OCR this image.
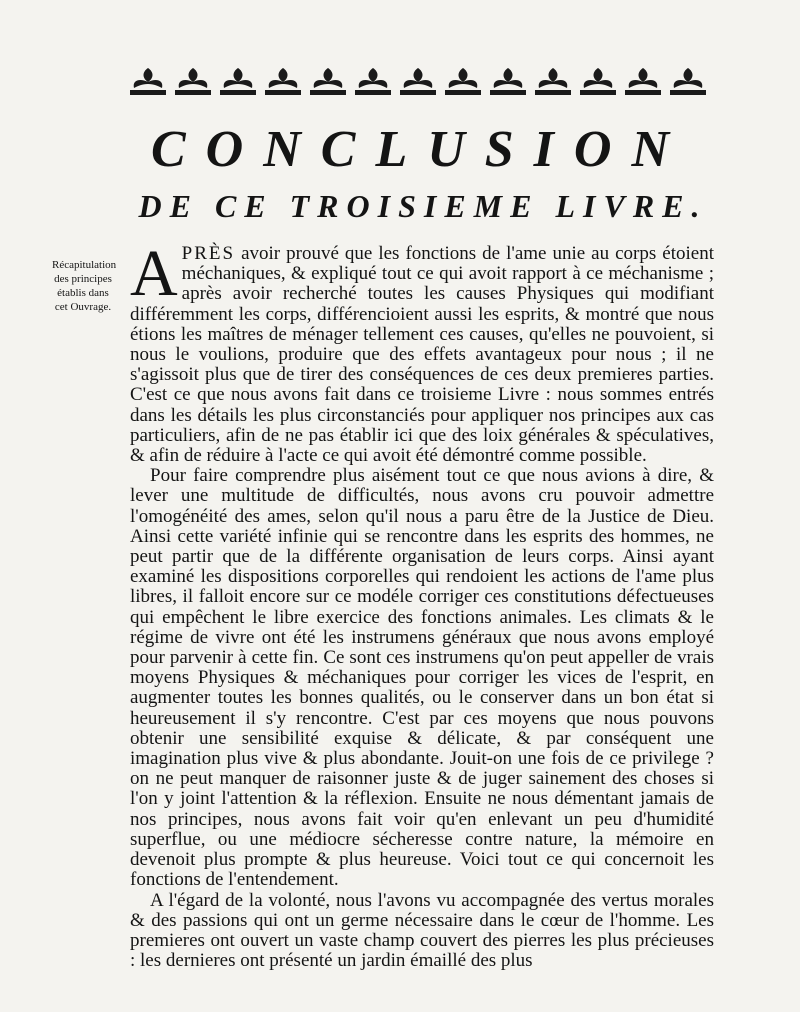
CONCLUSION
DE CE TROISIEME LIVRE.
Récapitulation des principes établis dans cet Ouvrage. APRÈS avoir prouvé que les fonctions de l'ame unie au corps étoient méchaniques, & expliqué tout ce qui avoit rapport à ce méchanisme ; après avoir recherché toutes les causes Physiques qui modifiant différemment les corps, différencioient aussi les esprits, & montré que nous étions les maîtres de ménager tellement ces causes, qu'elles ne pouvoient, si nous le voulions, produire que des effets avantageux pour nous ; il ne s'agissoit plus que de tirer des conséquences de ces deux premieres parties. C'est ce que nous avons fait dans ce troisieme Livre : nous sommes entrés dans les détails les plus circonstanciés pour appliquer nos principes aux cas particuliers, afin de ne pas établir ici que des loix générales & spéculatives, & afin de réduire à l'acte ce qui avoit été démontré comme possible.

Pour faire comprendre plus aisément tout ce que nous avions à dire, & lever une multitude de difficultés, nous avons cru pouvoir admettre l'omogénéité des ames, selon qu'il nous a paru être de la Justice de Dieu. Ainsi cette variété infinie qui se rencontre dans les esprits des hommes, ne peut partir que de la différente organisation de leurs corps. Ainsi ayant examiné les dispositions corporelles qui rendoient les actions de l'ame plus libres, il falloit encore sur ce modéle corriger ces constitutions défectueuses qui empêchent le libre exercice des fonctions animales. Les climats & le régime de vivre ont été les instrumens généraux que nous avons employé pour parvenir à cette fin. Ce sont ces instrumens qu'on peut appeller de vrais moyens Physiques & méchaniques pour corriger les vices de l'esprit, en augmenter toutes les bonnes qualités, ou le conserver dans un bon état si heureusement il s'y rencontre. C'est par ces moyens que nous pouvons obtenir une sensibilité exquise & délicate, & par conséquent une imagination plus vive & plus abondante. Jouit-on une fois de ce privilege ? on ne peut manquer de raisonner juste & de juger sainement des choses si l'on y joint l'attention & la réflexion. Ensuite ne nous démentant jamais de nos principes, nous avons fait voir qu'en enlevant un peu d'humidité superflue, ou une médiocre sécheresse contre nature, la mémoire en devenoit plus prompte & plus heureuse. Voici tout ce qui concernoit les fonctions de l'entendement.

A l'égard de la volonté, nous l'avons vu accompagnée des vertus morales & des passions qui ont un germe nécessaire dans le cœur de l'homme. Les premieres ont ouvert un vaste champ couvert des pierres les plus précieuses : les dernieres ont présenté un jardin émaillé des plus
